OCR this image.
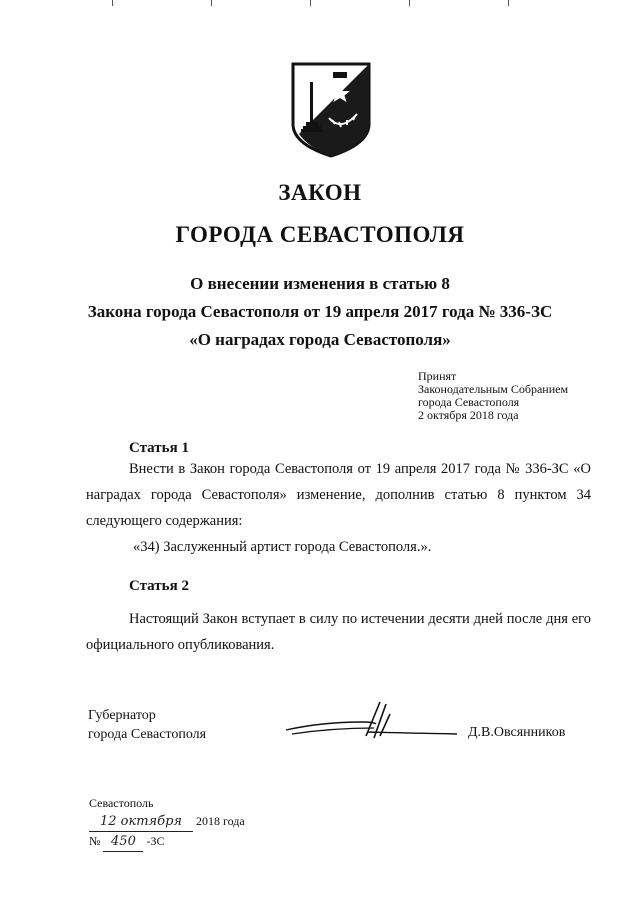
ЗАКОН
ГОРОДА СЕВАСТОПОЛЯ
О внесении изменения в статью 8
Закона города Севастополя от 19 апреля 2017 года № 336-ЗС
«О наградах города Севастополя»
Принят
Законодательным Собранием
города Севастополя
2 октября 2018 года
Статья 1
Внести в Закон города Севастополя от 19 апреля 2017 года № 336-ЗС «О наградах города Севастополя» изменение, дополнив статью 8 пунктом 34 следующего содержания:
«34) Заслуженный артист города Севастополя.».
Статья 2
Настоящий Закон вступает в силу по истечении десяти дней после дня его официального опубликования.
Губернатор
города Севастополя	Д.В.Овсянников
Севастополь
12 октября 2018 года
№ 450 -ЗС
